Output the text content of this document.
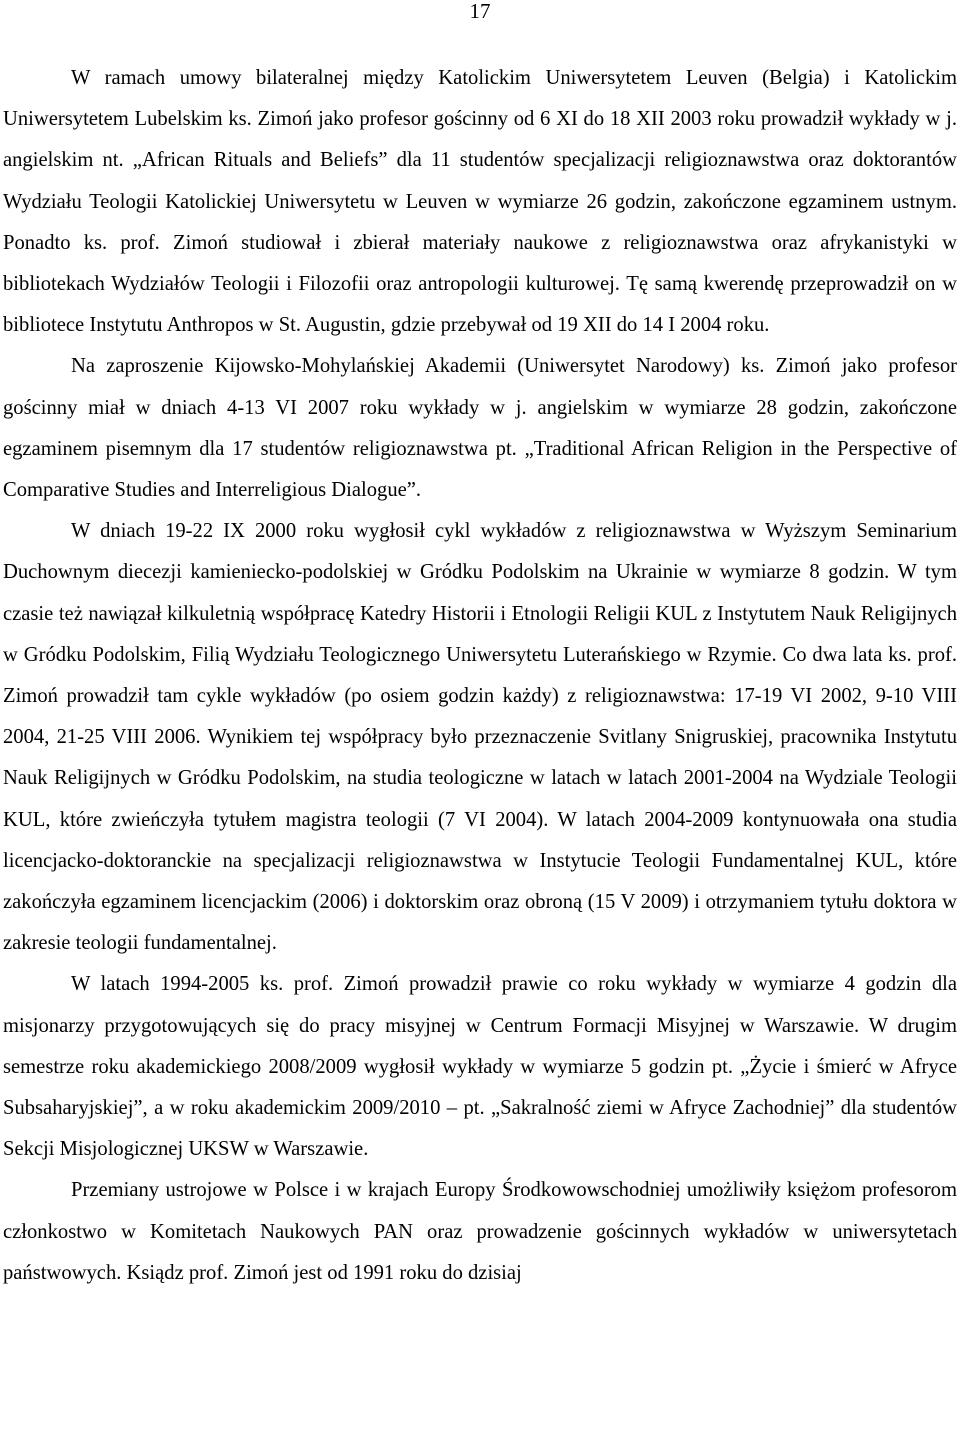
17

W ramach umowy bilateralnej między Katolickim Uniwersytetem Leuven (Belgia) i Katolickim Uniwersytetem Lubelskim ks. Zimoń jako profesor gościnny od 6 XI do 18 XII 2003 roku prowadził wykłady w j. angielskim nt. „African Rituals and Beliefs” dla 11 studentów specjalizacji religioznawstwa oraz doktorantów Wydziału Teologii Katolickiej Uniwersytetu w Leuven w wymiarze 26 godzin, zakończone egzaminem ustnym. Ponadto ks. prof. Zimoń studiował i zbierał materiały naukowe z religioznawstwa oraz afrykanistyki w bibliotekach Wydziałów Teologii i Filozofii oraz antropologii kulturowej. Tę samą kwerendę przeprowadził on w bibliotece Instytutu Anthropos w St. Augustin, gdzie przebywał od 19 XII do 14 I 2004 roku.

Na zaproszenie Kijowsko-Mohylańskiej Akademii (Uniwersytet Narodowy) ks. Zimoń jako profesor gościnny miał w dniach 4-13 VI 2007 roku wykłady w j. angielskim w wymiarze 28 godzin, zakończone egzaminem pisemnym dla 17 studentów religioznawstwa pt. „Traditional African Religion in the Perspective of Comparative Studies and Interreligious Dialogue”.

W dniach 19-22 IX 2000 roku wygłosił cykl wykładów z religioznawstwa w Wyższym Seminarium Duchownym diecezji kamieniecko-podolskiej w Gródku Podolskim na Ukrainie w wymiarze 8 godzin. W tym czasie też nawiązał kilkuletnią współpracę Katedry Historii i Etnologii Religii KUL z Instytutem Nauk Religijnych w Gródku Podolskim, Filią Wydziału Teologicznego Uniwersytetu Luterańskiego w Rzymie. Co dwa lata ks. prof. Zimoń prowadził tam cykle wykładów (po osiem godzin każdy) z religioznawstwa: 17-19 VI 2002, 9-10 VIII 2004, 21-25 VIII 2006. Wynikiem tej współpracy było przeznaczenie Svitlany Snigruskiej, pracownika Instytutu Nauk Religijnych w Gródku Podolskim, na studia teologiczne w latach w latach 2001-2004 na Wydziale Teologii KUL, które zwieńczyła tytułem magistra teologii (7 VI 2004). W latach 2004-2009 kontynuowała ona studia licencjacko-doktoranckie na specjalizacji religioznawstwa w Instytucie Teologii Fundamentalnej KUL, które zakończyła egzaminem licencjackim (2006) i doktorskim oraz obroną (15 V 2009) i otrzymaniem tytułu doktora w zakresie teologii fundamentalnej.

W latach 1994-2005 ks. prof. Zimoń prowadził prawie co roku wykłady w wymiarze 4 godzin dla misjonarzy przygotowujących się do pracy misyjnej w Centrum Formacji Misyjnej w Warszawie. W drugim semestrze roku akademickiego 2008/2009 wygłosił wykłady w wymiarze 5 godzin pt. „Życie i śmierć w Afryce Subsaharyjskiej”, a w roku akademickim 2009/2010 – pt. „Sakralność ziemi w Afryce Zachodniej” dla studentów Sekcji Misjologicznej UKSW w Warszawie.

Przemiany ustrojowe w Polsce i w krajach Europy Środkowowschodniej umożliwiły księżom profesorom członkostwo w Komitetach Naukowych PAN oraz prowadzenie gościnnych wykładów w uniwersytetach państwowych. Ksiądz prof. Zimoń jest od 1991 roku do dzisiaj
